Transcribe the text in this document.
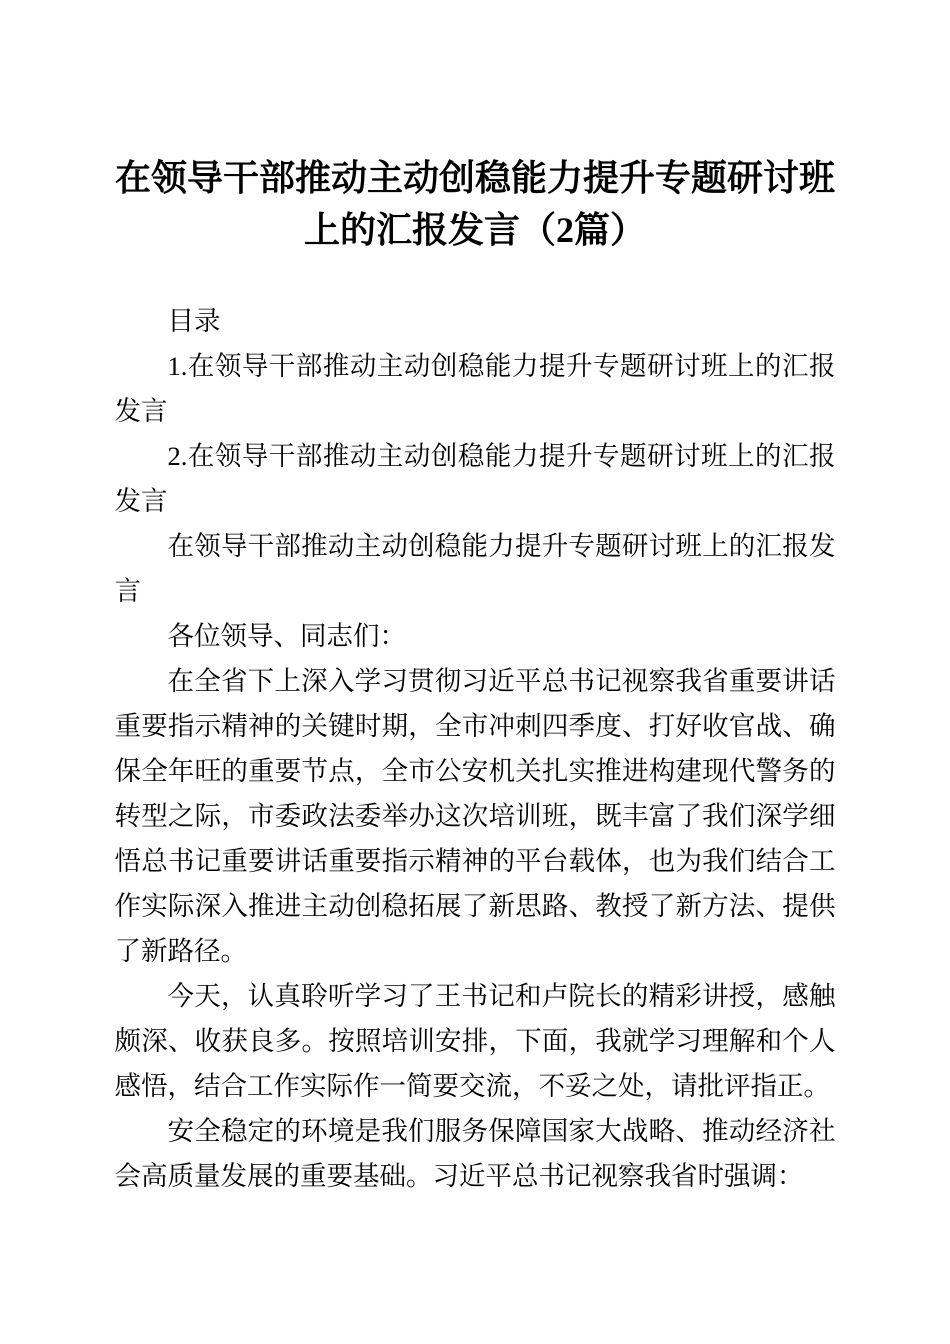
在领导干部推动主动创稳能力提升专题研讨班
上的汇报发言（2篇）

目录

1.在领导干部推动主动创稳能力提升专题研讨班上的汇报发言

2.在领导干部推动主动创稳能力提升专题研讨班上的汇报发言

在领导干部推动主动创稳能力提升专题研讨班上的汇报发言

各位领导、同志们：

在全省下上深入学习贯彻习近平总书记视察我省重要讲话重要指示精神的关键时期，全市冲刺四季度、打好收官战、确保全年旺的重要节点，全市公安机关扎实推进构建现代警务的转型之际，市委政法委举办这次培训班，既丰富了我们深学细悟总书记重要讲话重要指示精神的平台载体，也为我们结合工作实际深入推进主动创稳拓展了新思路、教授了新方法、提供了新路径。

今天，认真聆听学习了王书记和卢院长的精彩讲授，感触颇深、收获良多。按照培训安排，下面，我就学习理解和个人感悟，结合工作实际作一简要交流，不妥之处，请批评指正。

安全稳定的环境是我们服务保障国家大战略、推动经济社会高质量发展的重要基础。习近平总书记视察我省时强调：
